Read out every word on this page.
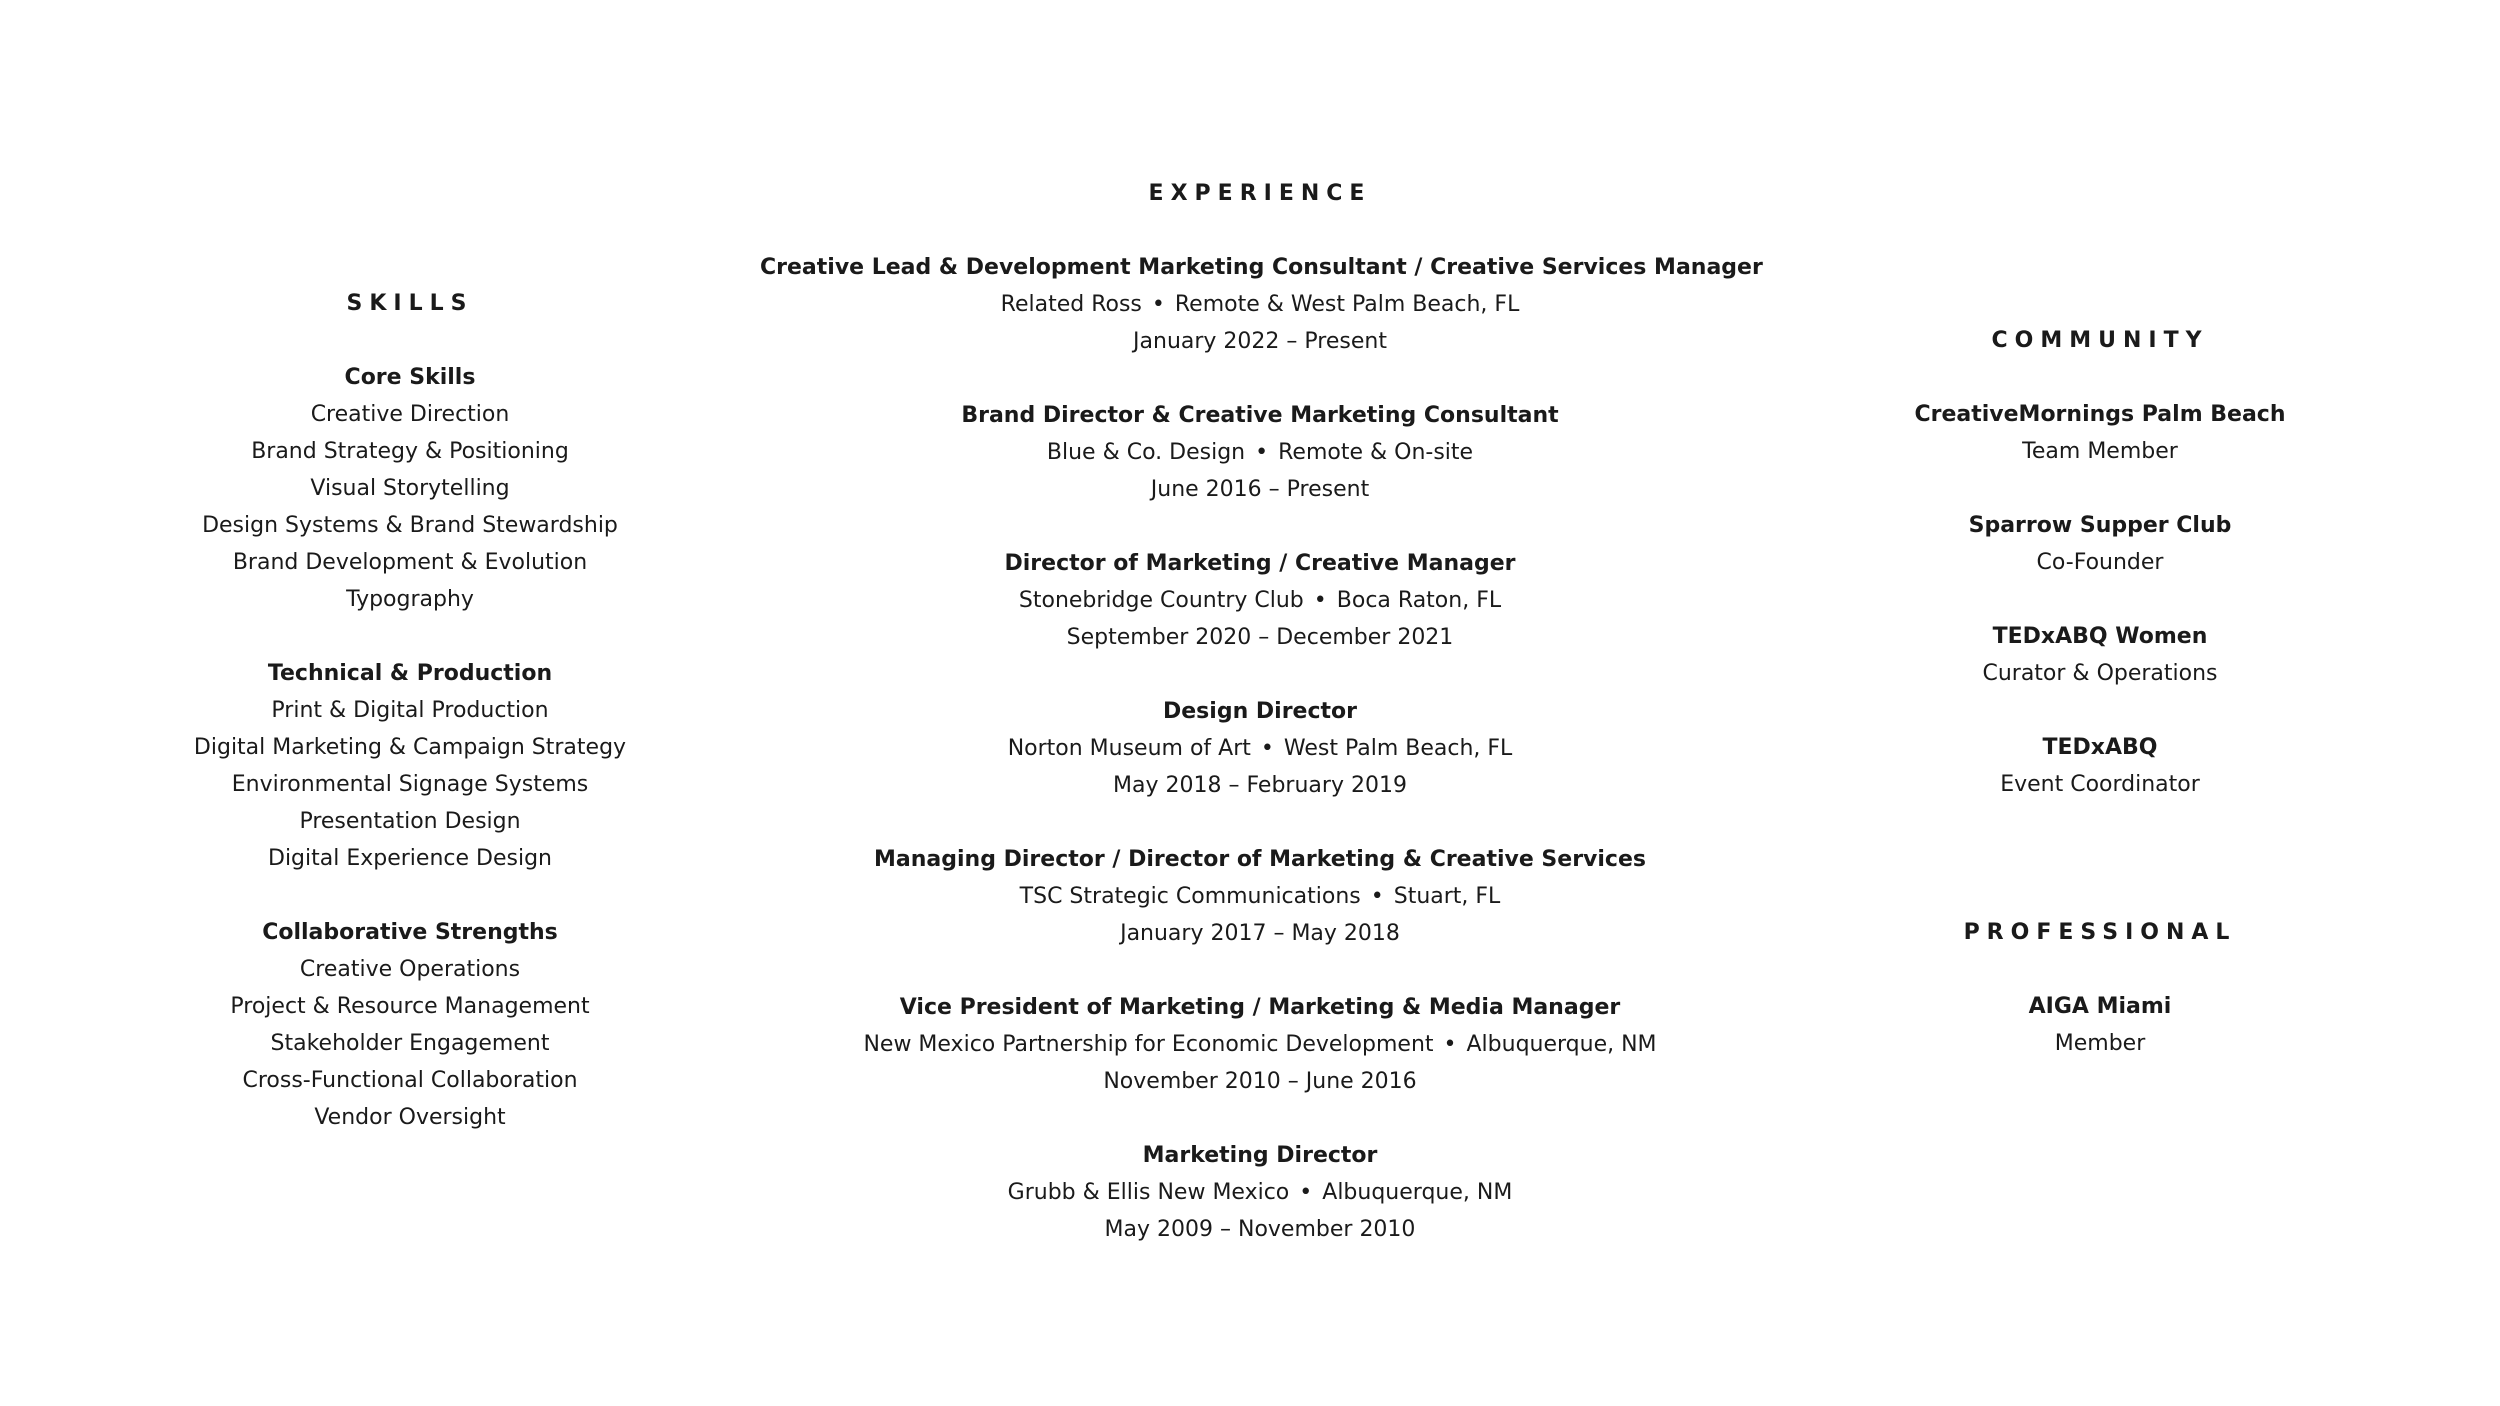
SKILLS
Core Skills
Creative Direction
Brand Strategy & Positioning
Visual Storytelling
Design Systems & Brand Stewardship
Brand Development & Evolution
Typography
Technical & Production
Print & Digital Production
Digital Marketing & Campaign Strategy
Environmental Signage Systems
Presentation Design
Digital Experience Design
Collaborative Strengths
Creative Operations
Project & Resource Management
Stakeholder Engagement
Cross-Functional Collaboration
Vendor Oversight
EXPERIENCE
Creative Lead & Development Marketing Consultant / Creative Services Manager
Related Ross • Remote & West Palm Beach, FL
January 2022 – Present
Brand Director & Creative Marketing Consultant
Blue & Co. Design • Remote & On-site
June 2016 – Present
Director of Marketing / Creative Manager
Stonebridge Country Club • Boca Raton, FL
September 2020 – December 2021
Design Director
Norton Museum of Art • West Palm Beach, FL
May 2018 – February 2019
Managing Director / Director of Marketing & Creative Services
TSC Strategic Communications • Stuart, FL
January 2017 – May 2018
Vice President of Marketing / Marketing & Media Manager
New Mexico Partnership for Economic Development • Albuquerque, NM
November 2010 – June 2016
Marketing Director
Grubb & Ellis New Mexico • Albuquerque, NM
May 2009 – November 2010
COMMUNITY
CreativeMornings Palm Beach
Team Member
Sparrow Supper Club
Co-Founder
TEDxABQ Women
Curator & Operations
TEDxABQ
Event Coordinator
PROFESSIONAL
AIGA Miami
Member
